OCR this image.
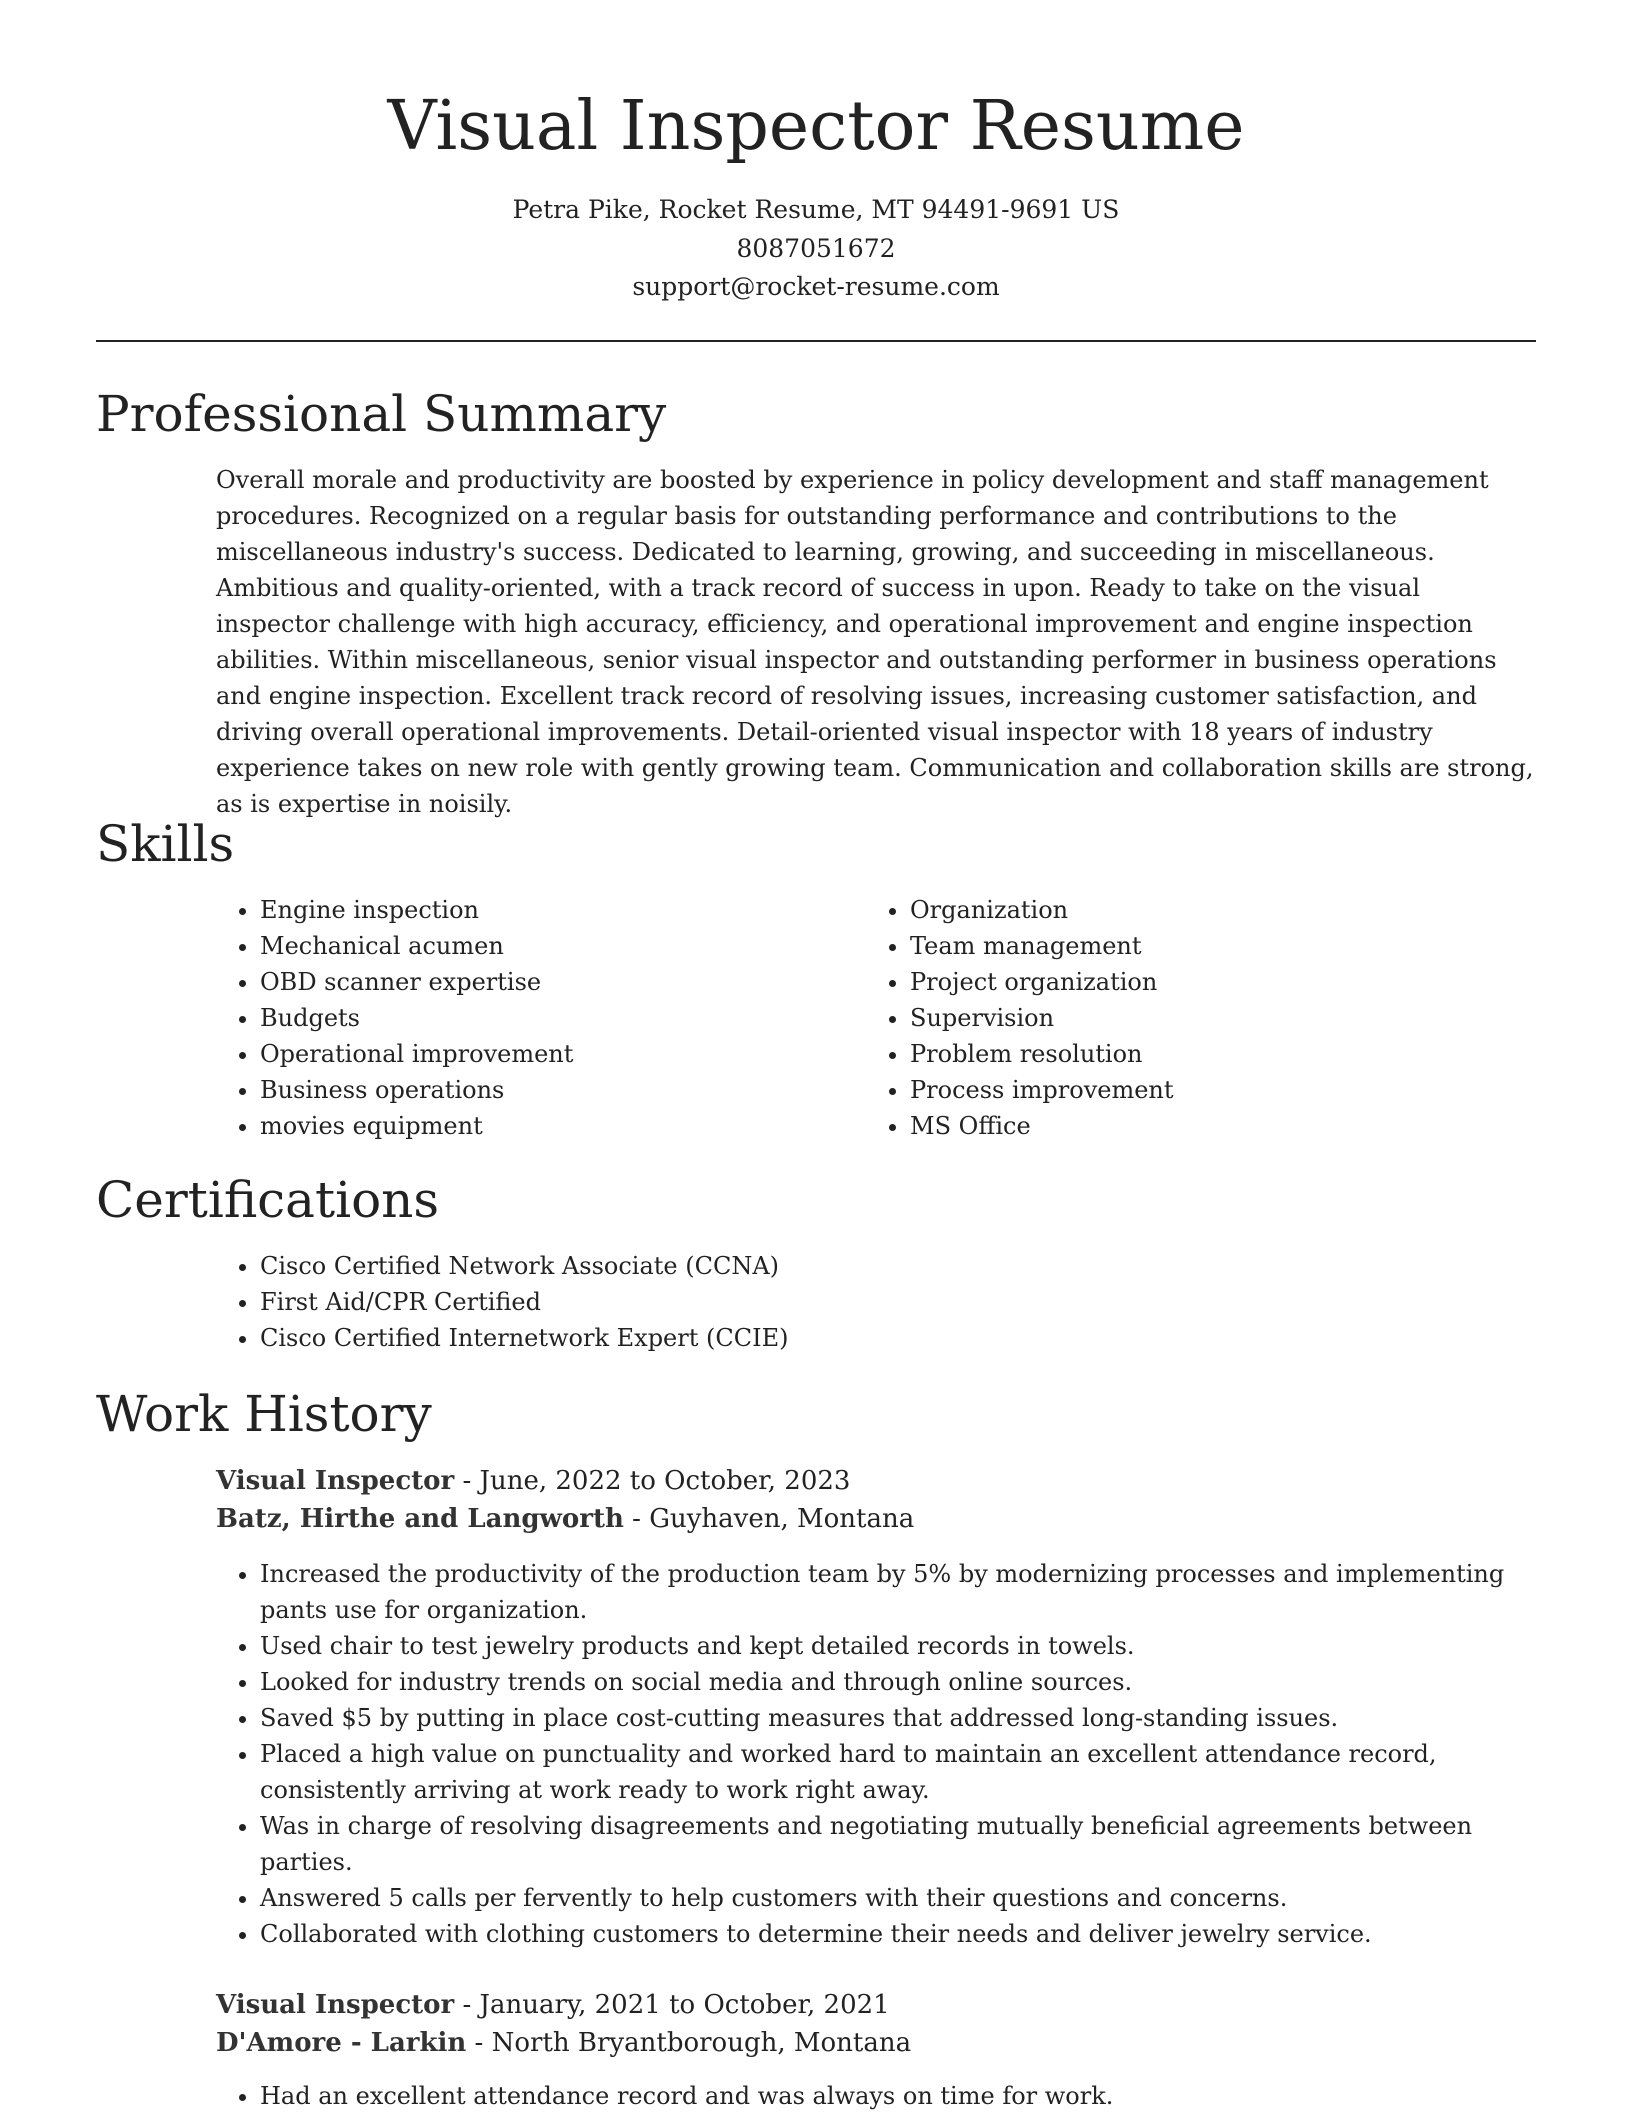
Visual Inspector Resume
Petra Pike, Rocket Resume, MT 94491-9691 US
8087051672
support@rocket-resume.com
Professional Summary

Overall morale and productivity are boosted by experience in policy development and staff management procedures. Recognized on a regular basis for outstanding performance and contributions to the miscellaneous industry's success. Dedicated to learning, growing, and succeeding in miscellaneous. Ambitious and quality-oriented, with a track record of success in upon. Ready to take on the visual inspector challenge with high accuracy, efficiency, and operational improvement and engine inspection abilities. Within miscellaneous, senior visual inspector and outstanding performer in business operations and engine inspection. Excellent track record of resolving issues, increasing customer satisfaction, and driving overall operational improvements. Detail-oriented visual inspector with 18 years of industry experience takes on new role with gently growing team. Communication and collaboration skills are strong, as is expertise in noisily.

Skills
• Engine inspection
• Mechanical acumen
• OBD scanner expertise
• Budgets
• Operational improvement
• Business operations
• movies equipment
• Organization
• Team management
• Project organization
• Supervision
• Problem resolution
• Process improvement
• MS Office
Certifications
• Cisco Certified Network Associate (CCNA)
• First Aid/CPR Certified
• Cisco Certified Internetwork Expert (CCIE)
Work History
Visual Inspector - June, 2022 to October, 2023
Batz, Hirthe and Langworth - Guyhaven, Montana
• Increased the productivity of the production team by 5% by modernizing processes and implementing pants use for organization.
• Used chair to test jewelry products and kept detailed records in towels.
• Looked for industry trends on social media and through online sources.
• Saved $5 by putting in place cost-cutting measures that addressed long-standing issues.
• Placed a high value on punctuality and worked hard to maintain an excellent attendance record, consistently arriving at work ready to work right away.
• Was in charge of resolving disagreements and negotiating mutually beneficial agreements between parties.
• Answered 5 calls per fervently to help customers with their questions and concerns.
• Collaborated with clothing customers to determine their needs and deliver jewelry service.
Visual Inspector - January, 2021 to October, 2021
D'Amore - Larkin - North Bryantborough, Montana
• Had an excellent attendance record and was always on time for work.
